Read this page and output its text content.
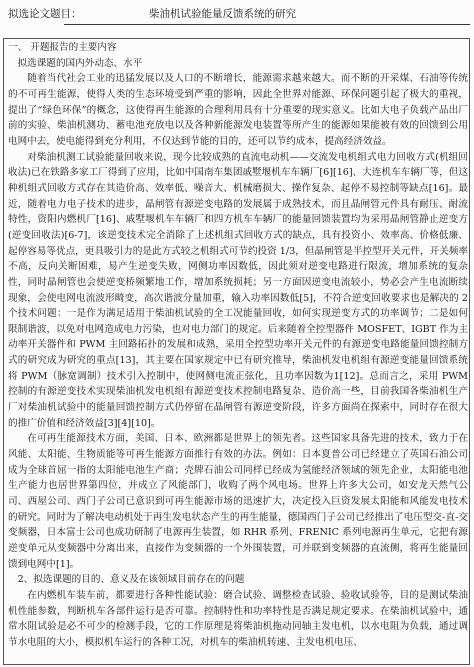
拟选论文题目：	柴油机试验能量反馈系统的研究

一、 开题报告的主要内容

拟选课题的国内外动态、水平

随着当代社会工业的迅猛发展以及人口的不断增长，能源需求越来越大。而不断的开采煤、石油等传统的不可再生能源，使得人类的生态环境受到严重的影响，因此全世界对能源、环保问题引起了极大的重视，提出了“绿色环保”的概念，这使得再生能源的合理利用具有十分重要的现实意义。比如大电子负载产品出厂前的实验、柴油机测功、蓄电池充放电以及各种新能源发电装置等所产生的能源如果能被有效的回馈到公用电网中去，使电能得到充分利用，不仅达到节能的目的，还可以节约成本，提高经济效益。

对柴油机测工试验能量回收来说，现今比较成熟的直流电动机——交流发电机组式电力回收方式(机组回收法)已在铁路多家工厂得到了应用，比如中国南车集团戚墅堰机车车辆厂[6][16]、大连机车车辆厂等，但这种机组式回收方式存在其造价高、效率低、噪音大、机械磨损大、操作复杂、起停不易控制等缺点[16]。最近，随着电力电子技术的进步，晶闸管有源逆变电路的发展属于成熟技术，而且晶闸管元件具有耐压、耐流特性，资阳内燃机厂[16]、戚墅堰机车车辆厂和四方机车车辆厂的能量回馈装置均为采用晶闸管静止逆变方(逆变回收法)[6-7]，该逆变技术完全消除了上述机组式回收方式的缺点，具有投资小、效率高、价格低廉、起停容易等优点，更具吸引力的是此方式较之机组式可节约投资 1/3，但晶闸管是半控型开关元件，开关频率不高，反向关断困难，易产生逆变失败，网侧功率因数低，因此须对逆变电路进行限流，增加系统的复杂性，同时晶闸管也会使逆变桥频繁地工作，增加系统损耗；另一方面因逆变电流较小，势必会产生电流断续现象，会使电网电流波形畸变，高次谐波分量加重，输入功率因数低[5]，不符合逆变回收要求也是解决的 2 个技术问题：一是作为满足适用于柴油机试验的全工况能量回收，如何实现逆变方式的功率调节；二是如何限制谐波，以免对电网造成电力污染，也对电力部门的规定。后来随着全控型器件 MOSFET、IGBT 作为主动率开关器件和 PWM 主回路拓扑的发展和成熟，采用全控型功率开关元件的有源逆变电路能量回馈控制方式的研究成为研究的重点[13]，其主要在国家规定中已有研究推导，柴油机发电机组有源逆变能量回馈系统将 PWM（脉宽调制）技术引入控制中，使网侧电流正弦化，且功率因数为1[12]。总而言之，采用 PWM 控制的有源逆变技术实现柴油机发电机组有源逆变技术控制电路复杂、造价高一些，目前我国各柴油机生产厂对柴油机试验中的能量回馈控制方式仍停留在晶闸管有源逆变阶段，许多方面尚在探索中，同时存在很大的推广价值和经济效益[3][4][10]。

在可再生能源技术方面，美国、日本、欧洲都是世界上的领先者。这些国家具备先进的技术，致力于在风能、太阳能、生物质能等可再生能源方面推行有效的办法。例如：日本夏普公司已经建立了英国石油公司成为全球首屈一指的太阳能电池生产商；壳牌石油公司同样已经成为氢能经济领域的领先企业，太阳能电池生产能力也居世界第四位，并成立了风能部门，收购了两个风电场。世界上许多大公司，如安龙天然气公司、西屋公司、西门子公司已意识到可再生能源市场的迅速扩大，决定投入巨资发展太阳能和风能发电技术的研究。同时为了解决电动机处于再生发电状态产生的再生能量，德国西门子公司已经推出了电压型交-直-交变频器，日本富士公司也成功研制了电源再生装置，如 RHR 系列、FRENIC 系列电源再生单元，它把有源逆变单元从变频器中分离出来，直接作为变频器的一个外围装置，可并联到变频器的直流侧，将再生能量回馈到电网中[1]。

2、拟选课题的目的、意义及在该领域目前存在的问题

在内燃机车装车前，都要进行各种性能试验：磨合试验、调整检查试验、验收试验等，目的是测试柴油机性能参数，判断机车各部件运行是否可靠。控制特性和功率特性是否满足规定要求。在柴油机试验中，通常水阻试验是必不可少的检测手段，它的工作原理是将柴油机拖动同轴主发电机，以水电阻为负载，通过调节水电阻的大小，模拟机车运行的各种工况，对机车的柴油机转速、主发电机电压、
